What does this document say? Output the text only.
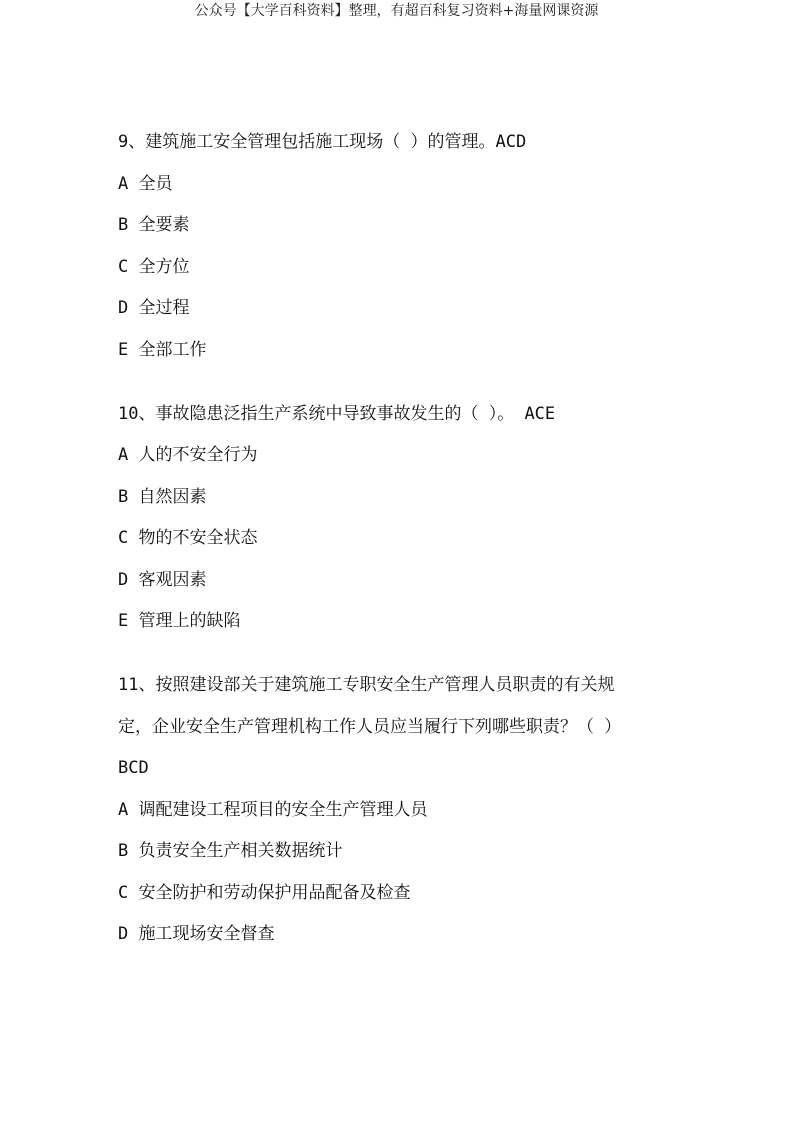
公众号【大学百科资料】整理，有超百科复习资料+海量网课资源

9、建筑施工安全管理包括施工现场（ ）的管理。ACD

A 全员

B 全要素

C 全方位

D 全过程

E 全部工作

10、事故隐患泛指生产系统中导致事故发生的（ ）。 ACE

A 人的不安全行为

B 自然因素

C 物的不安全状态

D 客观因素

E 管理上的缺陷

11、按照建设部关于建筑施工专职安全生产管理人员职责的有关规

定，企业安全生产管理机构工作人员应当履行下列哪些职责？（ ）

BCD

A 调配建设工程项目的安全生产管理人员

B 负责安全生产相关数据统计

C 安全防护和劳动保护用品配备及检查

D 施工现场安全督查
